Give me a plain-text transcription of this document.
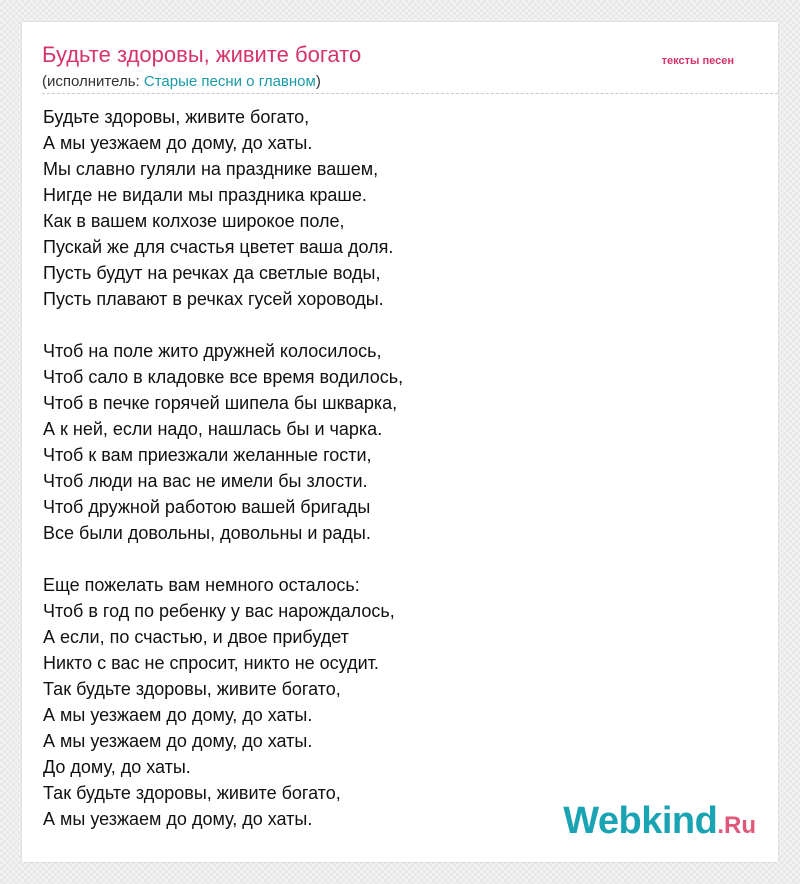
Будьте здоровы, живите богато
(исполнитель: Старые песни о главном)

Будьте здоровы, живите богато,
А мы уезжаем до дому, до хаты.
Мы славно гуляли на празднике вашем,
Нигде не видали мы праздника краше.
Как в вашем колхозе широкое поле,
Пускай же для счастья цветет ваша доля.
Пусть будут на речках да светлые воды,
Пусть плавают в речках гусей хороводы.

Чтоб на поле жито дружней колосилось,
Чтоб сало в кладовке все время водилось,
Чтоб в печке горячей шипела бы шкварка,
А к ней, если надо, нашлась бы и чарка.
Чтоб к вам приезжали желанные гости,
Чтоб люди на вас не имели бы злости.
Чтоб дружной работою вашей бригады
Все были довольны, довольны и рады.

Еще пожелать вам немного осталось:
Чтоб в год по ребенку у вас нарождалось,
А если, по счастью, и двое прибудет
Никто с вас не спросит, никто не осудит.
Так будьте здоровы, живите богато,
А мы уезжаем до дому, до хаты.
А мы уезжаем до дому, до хаты.
До дому, до хаты.
Так будьте здоровы, живите богато,
А мы уезжаем до дому, до хаты.	Webkind.Ru
тексты песен
